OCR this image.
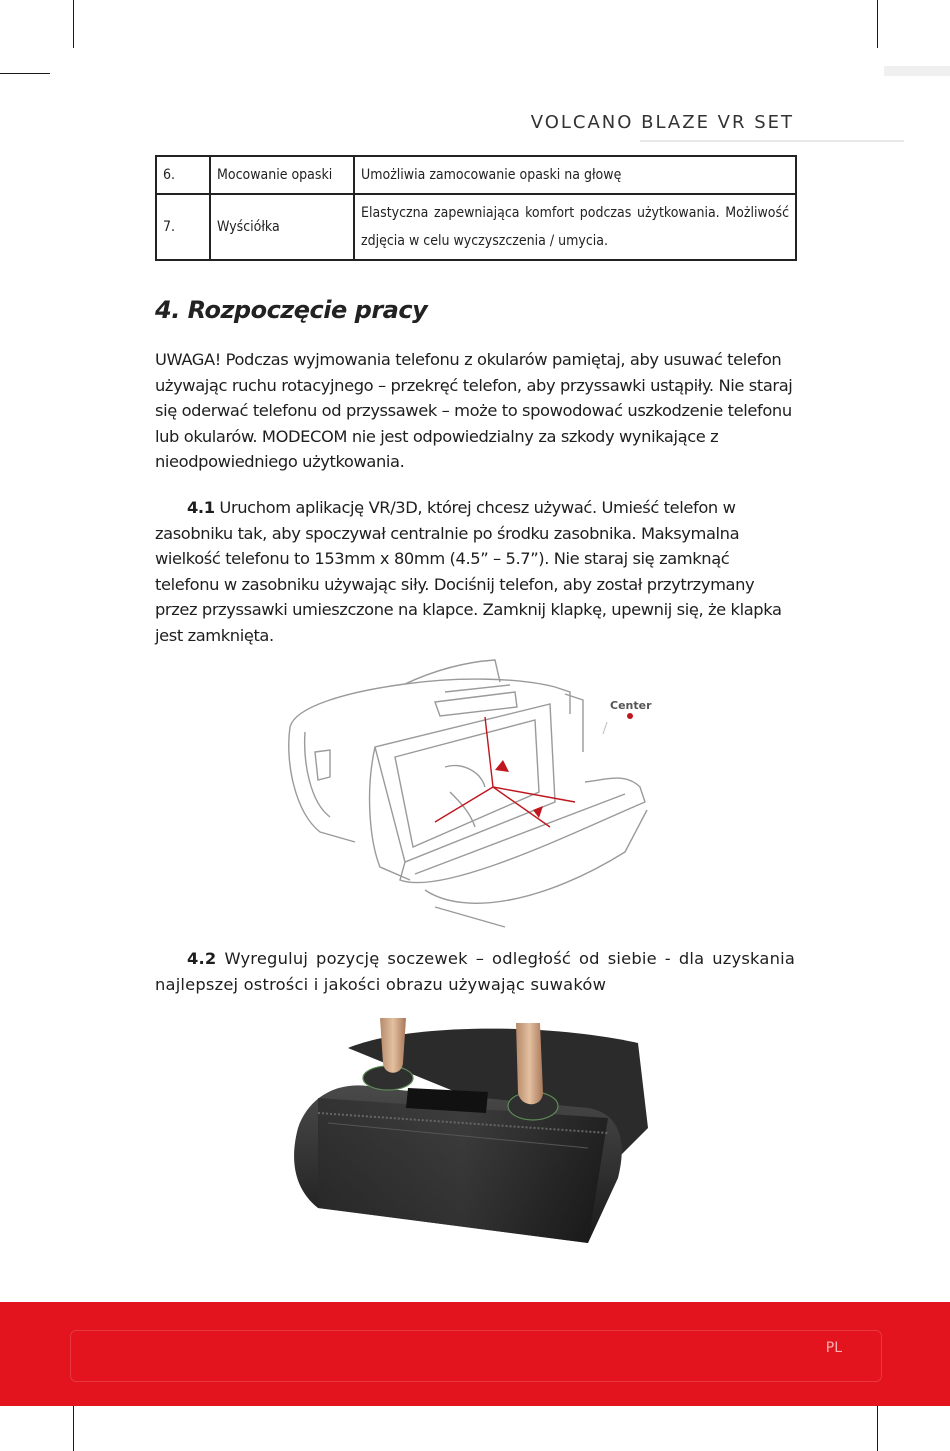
VOLCANO BLAZE VR SET
6.	Mocowanie opaski	Umożliwia zamocowanie opaski na głowę
7.	Wyściółka	Elastyczna zapewniająca komfort podczas użytkowania. Możliwość zdjęcia w celu wyczyszczenia / umycia.
4. Rozpoczęcie pracy

UWAGA! Podczas wyjmowania telefonu z okularów pamiętaj, aby usuwać telefon używając ruchu rotacyjnego – przekręć telefon, aby przyssawki ustąpiły. Nie staraj się oderwać telefonu od przyssawek – może to spowodować uszkodzenie telefonu lub okularów. MODECOM nie jest odpowiedzialny za szkody wynikające z nieodpowiedniego użytkowania.

4.1 Uruchom aplikację VR/3D, której chcesz używać. Umieść telefon w zasobniku tak, aby spoczywał centralnie po środku zasobnika. Maksymalna wielkość telefonu to 153mm x 80mm (4.5” – 5.7”). Nie staraj się zamknąć telefonu w zasobniku używając siły. Dociśnij telefon, aby został przytrzymany przez przyssawki umieszczone na klapce. Zamknij klapkę, upewnij się, że klapka jest zamknięta.

Center

4.2 Wyreguluj pozycję soczewek – odległość od siebie - dla uzyskania najlepszej ostrości i jakości obrazu używając suwaków

PL
